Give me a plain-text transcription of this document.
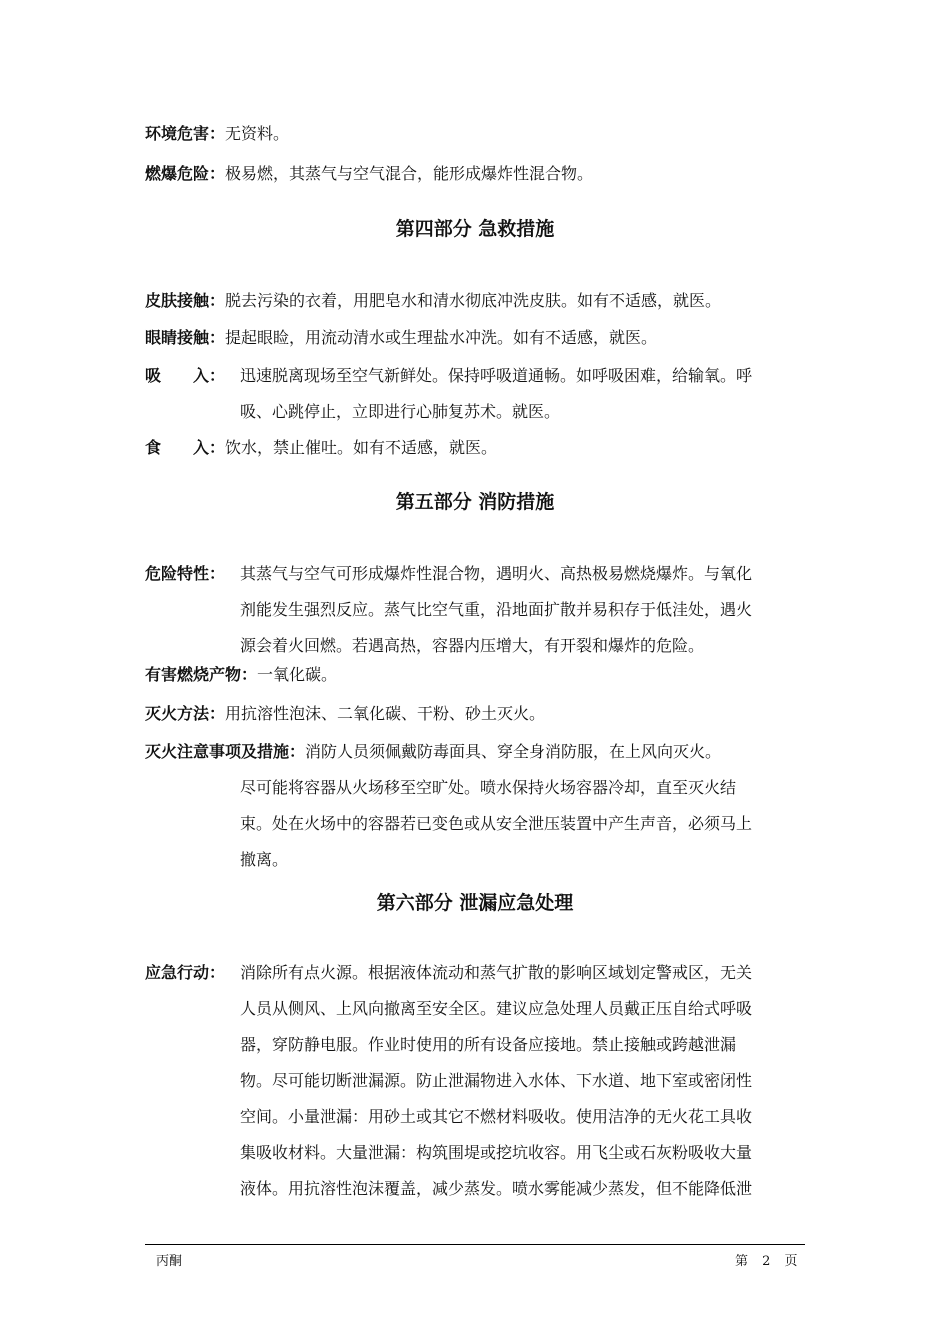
环境危害：无资料。
燃爆危险：极易燃，其蒸气与空气混合，能形成爆炸性混合物。
第四部分 急救措施
皮肤接触：脱去污染的衣着，用肥皂水和清水彻底冲洗皮肤。如有不适感，就医。
眼睛接触：提起眼睑，用流动清水或生理盐水冲洗。如有不适感，就医。
吸　　入： 迅速脱离现场至空气新鲜处。保持呼吸道通畅。如呼吸困难，给输氧。呼
吸、心跳停止，立即进行心肺复苏术。就医。
食　　入：饮水，禁止催吐。如有不适感，就医。
第五部分 消防措施
危险特性： 其蒸气与空气可形成爆炸性混合物，遇明火、高热极易燃烧爆炸。与氧化
剂能发生强烈反应。蒸气比空气重，沿地面扩散并易积存于低洼处，遇火
源会着火回燃。若遇高热，容器内压增大，有开裂和爆炸的危险。
有害燃烧产物：一氧化碳。
灭火方法：用抗溶性泡沫、二氧化碳、干粉、砂土灭火。
灭火注意事项及措施：消防人员须佩戴防毒面具、穿全身消防服，在上风向灭火。
尽可能将容器从火场移至空旷处。喷水保持火场容器冷却，直至灭火结
束。处在火场中的容器若已变色或从安全泄压装置中产生声音，必须马上
撤离。
第六部分 泄漏应急处理
应急行动： 消除所有点火源。根据液体流动和蒸气扩散的影响区域划定警戒区，无关
人员从侧风、上风向撤离至安全区。建议应急处理人员戴正压自给式呼吸
器，穿防静电服。作业时使用的所有设备应接地。禁止接触或跨越泄漏
物。尽可能切断泄漏源。防止泄漏物进入水体、下水道、地下室或密闭性
空间。小量泄漏：用砂土或其它不燃材料吸收。使用洁净的无火花工具收
集吸收材料。大量泄漏：构筑围堤或挖坑收容。用飞尘或石灰粉吸收大量
液体。用抗溶性泡沫覆盖，减少蒸发。喷水雾能减少蒸发，但不能降低泄
丙酮	第 2 页
